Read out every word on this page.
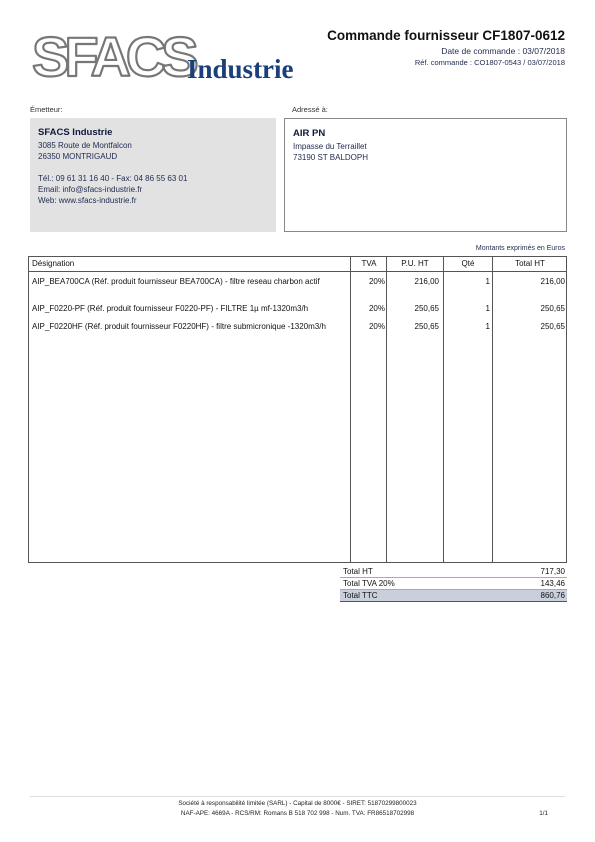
SFACS
Industrie
Commande fournisseur CF1807-0612
Date de commande : 03/07/2018
Réf. commande : CO1807-0543 / 03/07/2018
Émetteur:	Adressé à:
SFACS Industrie
3085 Route de Montfalcon
26350 MONTRIGAUD
Tél.: 09 61 31 16 40 - Fax: 04 86 55 63 01
Email: info@sfacs-industrie.fr
Web: www.sfacs-industrie.fr
AIR PN
Impasse du Terraillet
73190 ST BALDOPH
Montants exprimés en Euros
Désignation	TVA	P.U. HT	Qté	Total HT
AIP_BEA700CA (Réf. produit fournisseur BEA700CA) - filtre reseau charbon actif	20%	216,00	1	216,00
AIP_F0220-PF (Réf. produit fournisseur F0220-PF) - FILTRE 1µ mf-1320m3/h	20%	250,65	1	250,65
AIP_F0220HF (Réf. produit fournisseur F0220HF) - filtre submicronique -1320m3/h	20%	250,65	1	250,65
Total HT	717,30
Total TVA 20%	143,46
Total TTC	860,76
Société à responsabilité limitée (SARL) - Capital de 8000€ - SIRET: 51870299800023
NAF-APE: 4669A - RCS/RM: Romans B 518 702 998 - Num. TVA: FR86518702998	1/1
